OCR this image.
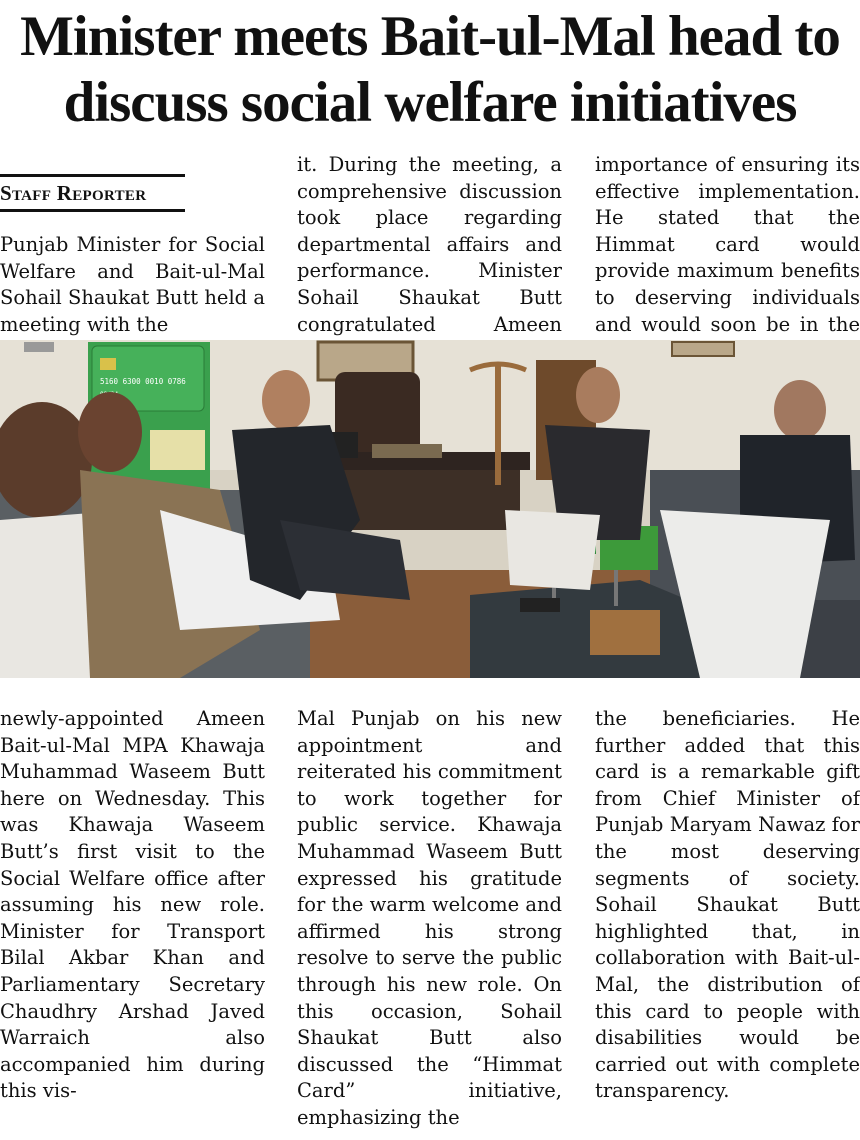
Minister meets Bait-ul-Mal head to
discuss social welfare initiatives
Staff Reporter
Punjab Minister for Social Welfare and Bait-ul-Mal Sohail Shaukat Butt held a meeting with the
it. During the meeting, a comprehensive discussion took place regarding departmental affairs and performance. Minister Sohail Shaukat Butt congratulated Ameen
importance of ensuring its effective implementation. He stated that the Himmat card would provide maximum benefits to deserving individuals and would soon be in the
5160 6300 0010 0786
newly-appointed Ameen Bait-ul-Mal MPA Khawaja Muhammad Waseem Butt here on Wednesday. This was Khawaja Waseem Butt’s first visit to the Social Welfare office after assuming his new role. Minister for Transport Bilal Akbar Khan and Parliamentary Secretary Chaudhry Arshad Javed Warraich also accompanied him during this vis-
Mal Punjab on his new appointment and reiterated his commitment to work together for public service. Khawaja Muhammad Waseem Butt expressed his gratitude for the warm welcome and affirmed his strong resolve to serve the public through his new role. On this occasion, Sohail Shaukat Butt also discussed the “Himmat Card” initiative, emphasizing the
the beneficiaries. He further added that this card is a remarkable gift from Chief Minister of Punjab Maryam Nawaz for the most deserving segments of society. Sohail Shaukat Butt highlighted that, in collaboration with Bait-ul-Mal, the distribution of this card to people with disabilities would be carried out with complete transparency.
